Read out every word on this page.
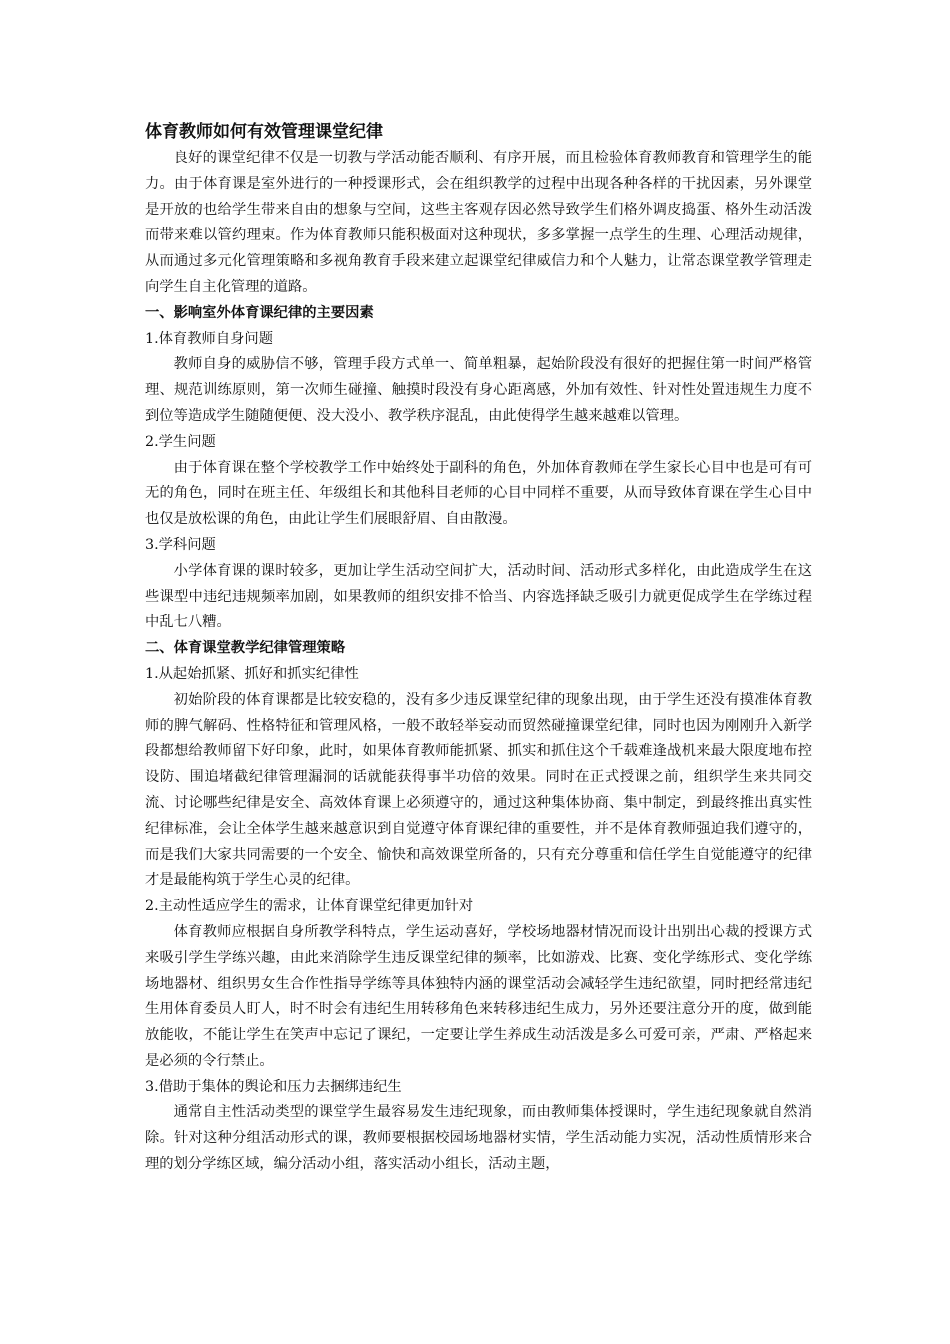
体育教师如何有效管理课堂纪律

良好的课堂纪律不仅是一切教与学活动能否顺利、有序开展，而且检验体育教师教育和管理学生的能力。由于体育课是室外进行的一种授课形式，会在组织教学的过程中出现各种各样的干扰因素，另外课堂是开放的也给学生带来自由的想象与空间，这些主客观存因必然导致学生们格外调皮捣蛋、格外生动活泼而带来难以管约理束。作为体育教师只能积极面对这种现状，多多掌握一点学生的生理、心理活动规律，从而通过多元化管理策略和多视角教育手段来建立起课堂纪律威信力和个人魅力，让常态课堂教学管理走向学生自主化管理的道路。

一、影响室外体育课纪律的主要因素

1.体育教师自身问题

教师自身的威胁信不够，管理手段方式单一、简单粗暴，起始阶段没有很好的把握住第一时间严格管理、规范训练原则，第一次师生碰撞、触摸时段没有身心距离感，外加有效性、针对性处置违规生力度不到位等造成学生随随便便、没大没小、教学秩序混乱，由此使得学生越来越难以管理。

2.学生问题

由于体育课在整个学校教学工作中始终处于副科的角色，外加体育教师在学生家长心目中也是可有可无的角色，同时在班主任、年级组长和其他科目老师的心目中同样不重要，从而导致体育课在学生心目中也仅是放松课的角色，由此让学生们展眼舒眉、自由散漫。

3.学科问题

小学体育课的课时较多，更加让学生活动空间扩大，活动时间、活动形式多样化，由此造成学生在这些课型中违纪违规频率加剧，如果教师的组织安排不恰当、内容选择缺乏吸引力就更促成学生在学练过程中乱七八糟。

二、体育课堂教学纪律管理策略

1.从起始抓紧、抓好和抓实纪律性

初始阶段的体育课都是比较安稳的，没有多少违反课堂纪律的现象出现，由于学生还没有摸准体育教师的脾气解码、性格特征和管理风格，一般不敢轻举妄动而贸然碰撞课堂纪律，同时也因为刚刚升入新学段都想给教师留下好印象，此时，如果体育教师能抓紧、抓实和抓住这个千载难逢战机来最大限度地布控设防、围追堵截纪律管理漏洞的话就能获得事半功倍的效果。同时在正式授课之前，组织学生来共同交流、讨论哪些纪律是安全、高效体育课上必须遵守的，通过这种集体协商、集中制定，到最终推出真实性纪律标准，会让全体学生越来越意识到自觉遵守体育课纪律的重要性，并不是体育教师强迫我们遵守的，而是我们大家共同需要的一个安全、愉快和高效课堂所备的，只有充分尊重和信任学生自觉能遵守的纪律才是最能构筑于学生心灵的纪律。

2.主动性适应学生的需求，让体育课堂纪律更加针对

体育教师应根据自身所教学科特点，学生运动喜好，学校场地器材情况而设计出别出心裁的授课方式来吸引学生学练兴趣，由此来消除学生违反课堂纪律的频率，比如游戏、比赛、变化学练形式、变化学练场地器材、组织男女生合作性指导学练等具体独特内涵的课堂活动会减轻学生违纪欲望，同时把经常违纪生用体育委员人盯人，时不时会有违纪生用转移角色来转移违纪生成力，另外还要注意分开的度，做到能放能收，不能让学生在笑声中忘记了课纪，一定要让学生养成生动活泼是多么可爱可亲，严肃、严格起来是必须的令行禁止。

3.借助于集体的舆论和压力去捆绑违纪生

通常自主性活动类型的课堂学生最容易发生违纪现象，而由教师集体授课时，学生违纪现象就自然消除。针对这种分组活动形式的课，教师要根据校园场地器材实情，学生活动能力实况，活动性质情形来合理的划分学练区域，编分活动小组，落实活动小组长，活动主题，
